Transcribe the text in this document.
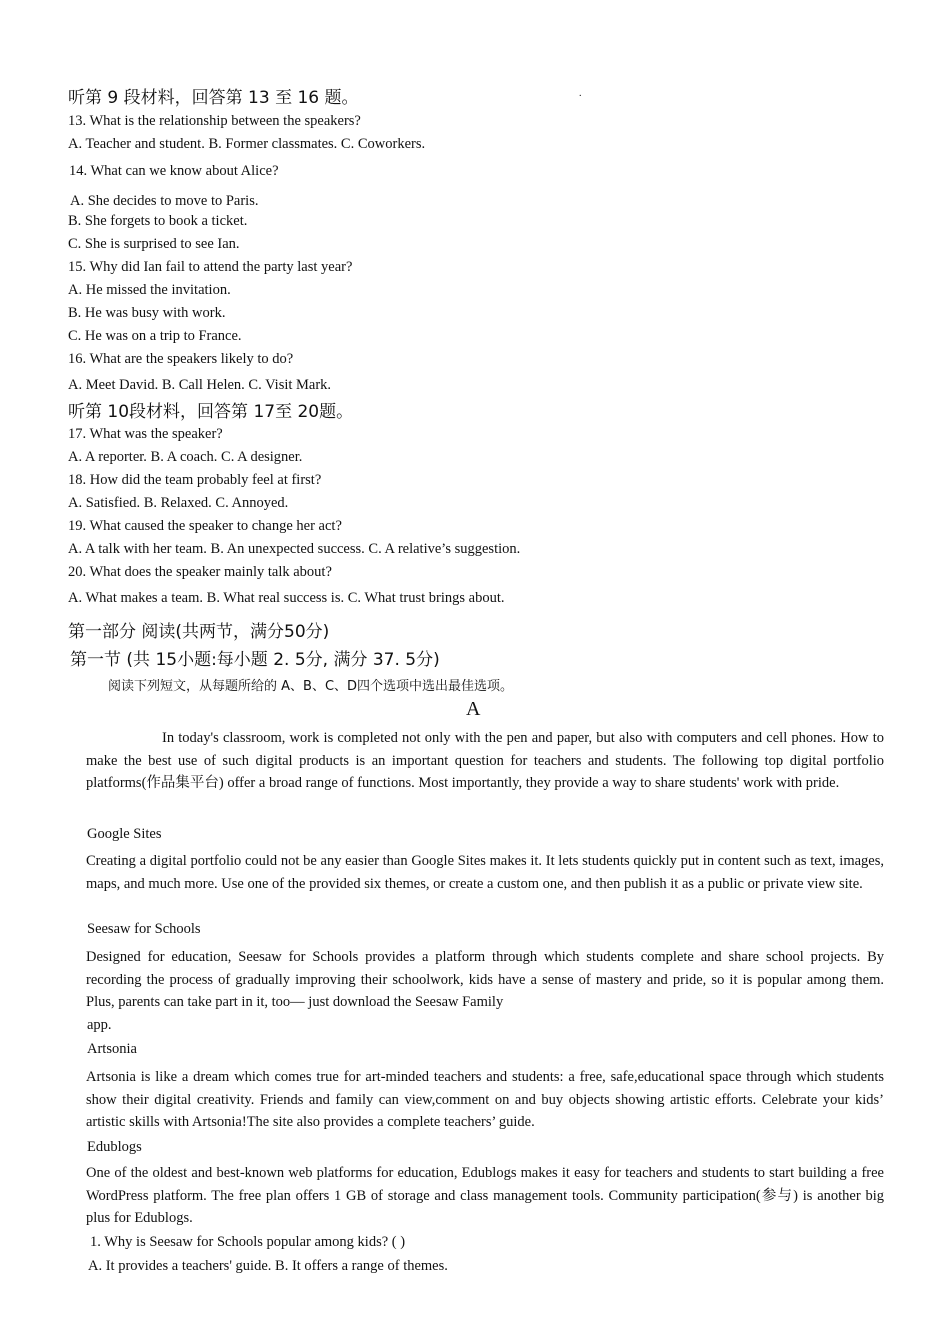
.
听第 9 段材料，回答第 13 至 16 题。
13. What is the relationship between the speakers?
A. Teacher and student. B. Former classmates. C. Coworkers.
14. What can we know about Alice?
A. She decides to move to Paris.
B. She forgets to book a ticket.
C. She is surprised to see Ian.
15. Why did Ian fail to attend the party last year?
A. He missed the invitation.
B. He was busy with work.
C. He was on a trip to France.
16. What are the speakers likely to do?
A. Meet David. B. Call Helen. C. Visit Mark.
听第 10段材料，回答第 17至 20题。
17. What was the speaker?
A. A reporter. B. A coach. C. A designer.
18. How did the team probably feel at first?
A. Satisfied. B. Relaxed. C. Annoyed.
19. What caused the speaker to change her act?
A. A talk with her team. B. An unexpected success. C. A relative’s suggestion.
20. What does the speaker mainly talk about?
A. What makes a team. B. What real success is. C. What trust brings about.
第一部分 阅读(共两节，满分50分)
第一节 (共 15小题:每小题 2. 5分, 满分 37. 5分)
阅读下列短文，从每题所给的 A、B、C、D四个选项中选出最佳选项。
A
In today's classroom, work is completed not only with the pen and paper, but also with computers and cell phones. How to make the best use of such digital products is an important question for teachers and students. The following top digital portfolio platforms(作品集平台) offer a broad range of functions. Most importantly, they provide a way to share students' work with pride.
Google Sites
Creating a digital portfolio could not be any easier than Google Sites makes it. It lets students quickly put in content such as text, images, maps, and much more. Use one of the provided six themes, or create a custom one, and then publish it as a public or private view site.
Seesaw for Schools
Designed for education, Seesaw for Schools provides a platform through which students complete and share school projects. By recording the process of gradually improving their schoolwork, kids have a sense of mastery and pride, so it is popular among them. Plus, parents can take part in it, too— just download the Seesaw Family
app.
Artsonia
Artsonia is like a dream which comes true for art-minded teachers and students: a free, safe,educational space through which students show their digital creativity. Friends and family can view,comment on and buy objects showing artistic efforts. Celebrate your kids’ artistic skills with Artsonia!The site also provides a complete teachers’ guide.
Edublogs
One of the oldest and best-known web platforms for education, Edublogs makes it easy for teachers and students to start building a free WordPress platform. The free plan offers 1 GB of storage and class management tools. Community participation(参与) is another big plus for Edublogs.
1. Why is Seesaw for Schools popular among kids? ( )
A. It provides a teachers' guide. B. It offers a range of themes.
